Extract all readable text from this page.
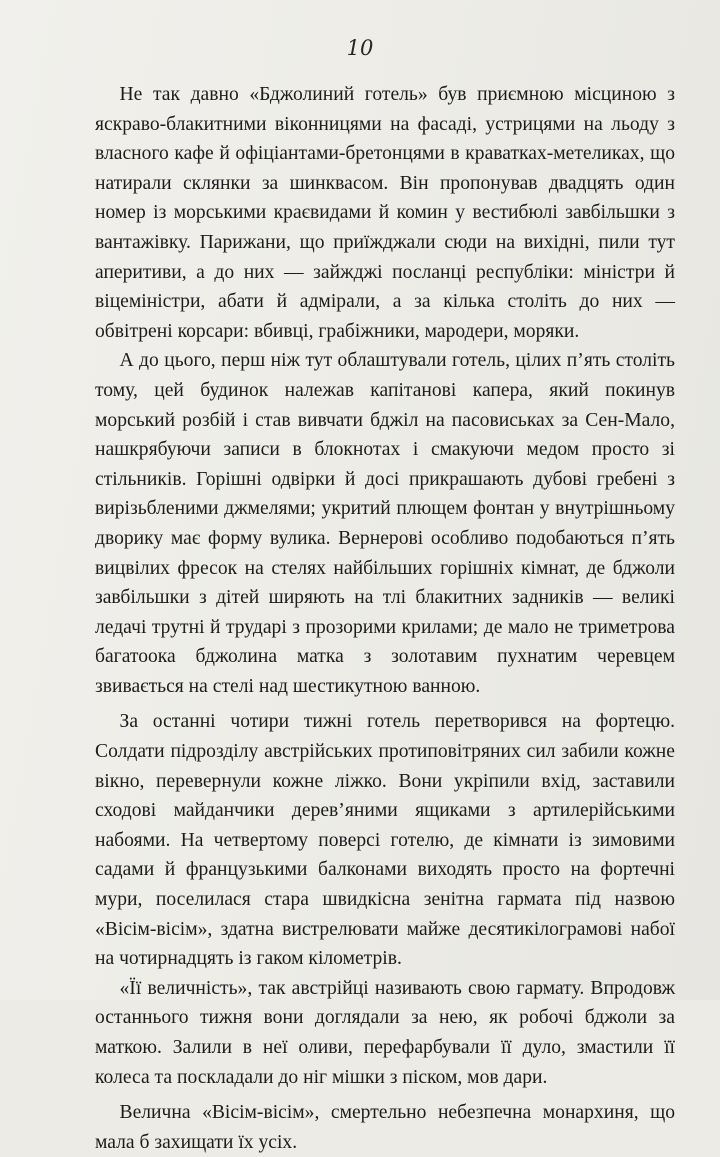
10

Не так давно «Бджолиний готель» був приємною місциною з яскраво-блакитними віконницями на фасаді, устрицями на льоду з власного кафе й офіціантами-бретонцями в краватках-метеликах, що натирали склянки за шинквасом. Він пропонував двадцять один номер із морськими краєвидами й комин у вестибюлі завбільшки з вантажівку. Парижани, що приїжджали сюди на вихідні, пили тут аперитиви, а до них — зайжджі посланці республіки: міністри й віцеміністри, абати й адмірали, а за кілька століть до них — обвітрені корсари: вбивці, грабіжники, мародери, моряки.

А до цього, перш ніж тут облаштували готель, цілих п’ять століть тому, цей будинок належав капітанові капера, який покинув морський розбій і став вивчати бджіл на пасовиськах за Сен-Мало, нашкрябуючи записи в блокнотах і смакуючи медом просто зі стільників. Горішні одвірки й досі прикрашають дубові гребені з вирізьбленими джмелями; укритий плющем фонтан у внутрішньому дворику має форму вулика. Вернерові особливо подобаються п’ять вицвілих фресок на стелях найбільших горішніх кімнат, де бджоли завбільшки з дітей ширяють на тлі блакитних задників — великі ледачі трутні й трударі з прозорими крилами; де мало не триметрова багатоока бджолина матка з золотавим пухнатим черевцем звивається на стелі над шестикутною ванною.

За останні чотири тижні готель перетворився на фортецю. Солдати підрозділу австрійських протиповітряних сил забили кожне вікно, перевернули кожне ліжко. Вони укріпили вхід, заставили сходові майданчики дерев’яними ящиками з артилерійськими набоями. На четвертому поверсі готелю, де кімнати із зимовими садами й французькими балконами виходять просто на фортечні мури, поселилася стара швидкісна зенітна гармата під назвою «Вісім-вісім», здатна вистрелювати майже десятикілограмові набої на чотирнадцять із гаком кілометрів.

«Її величність», так австрійці називають свою гармату. Впродовж останнього тижня вони доглядали за нею, як робочі бджоли за маткою. Залили в неї оливи, перефарбували її дуло, змастили її колеса та поскладали до ніг мішки з піском, мов дари.

Велична «Вісім-вісім», смертельно небезпечна монархиня, що мала б захищати їх усіх.
